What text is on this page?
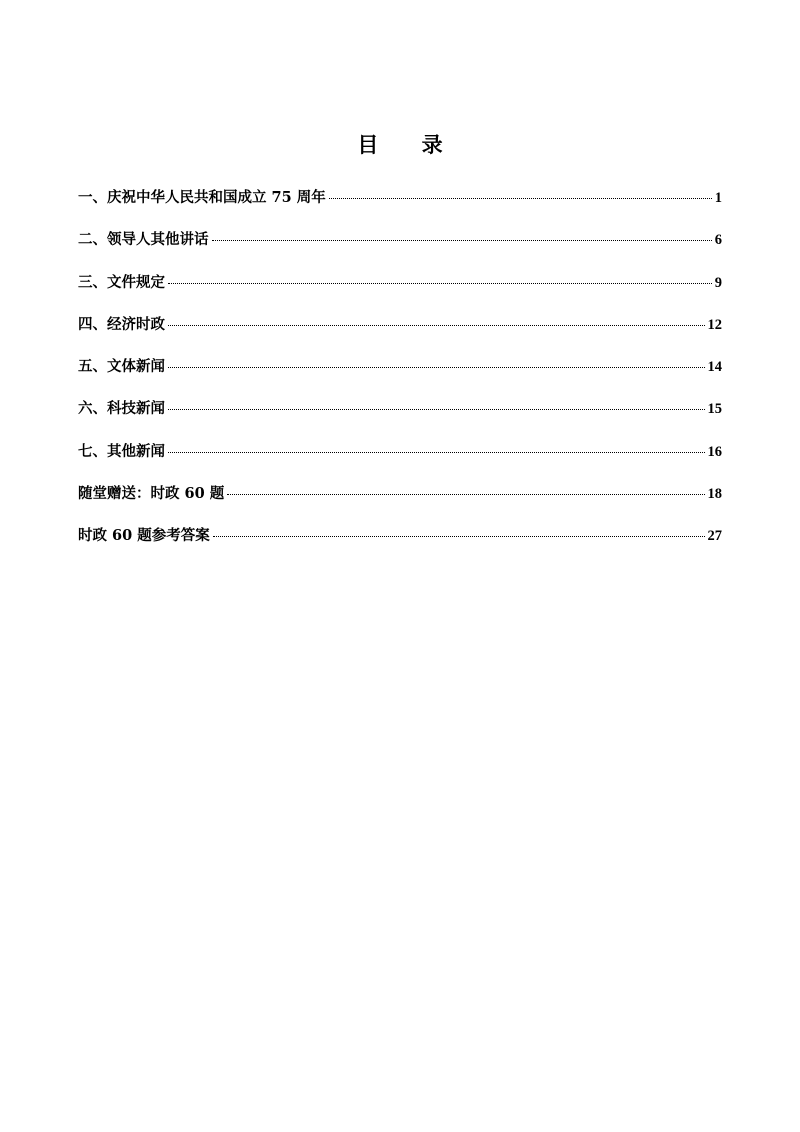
目 录
一、庆祝中华人民共和国成立 75 周年	1
二、领导人其他讲话	6
三、文件规定	9
四、经济时政	12
五、文体新闻	14
六、科技新闻	15
七、其他新闻	16
随堂赠送：时政 60 题	18
时政 60 题参考答案	27
